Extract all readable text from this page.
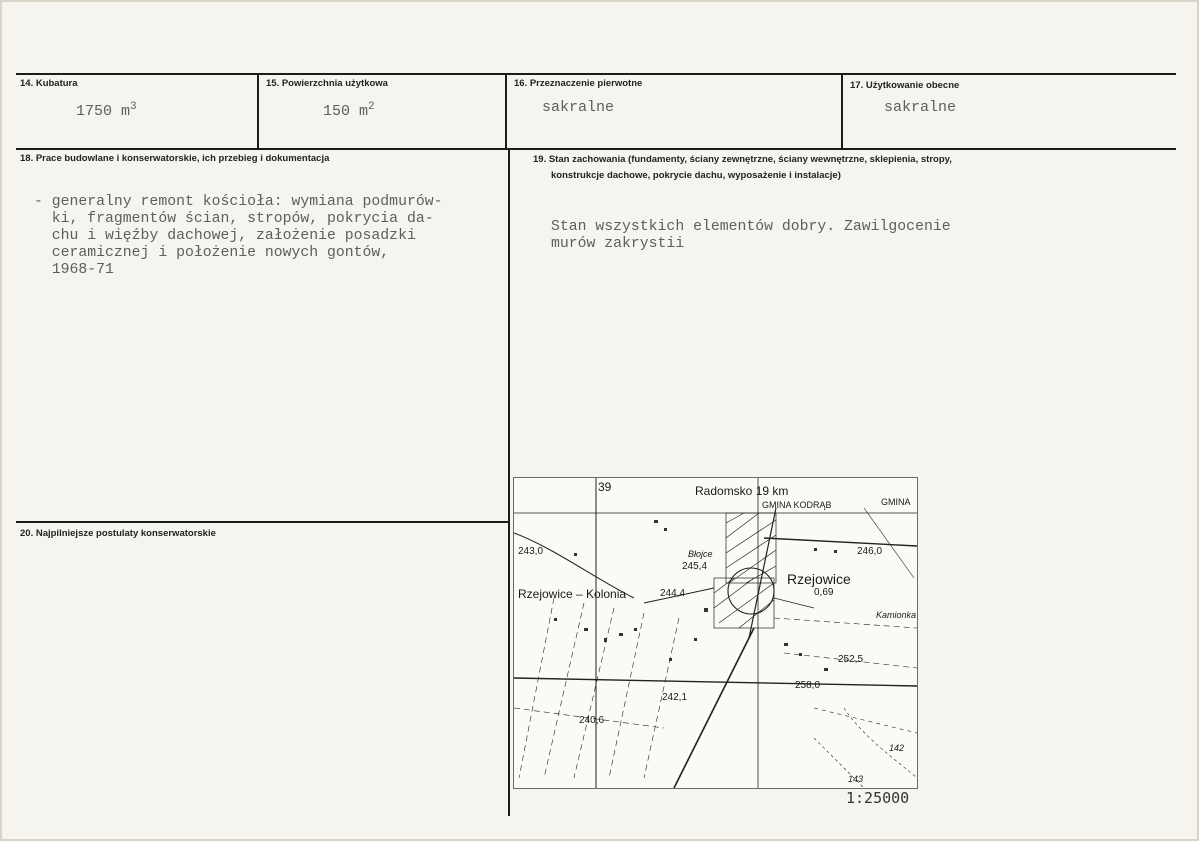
14. Kubatura
1750 $m^3$
15. Powierzchnia użytkowa
150 $m^2$
16. Przeznaczenie pierwotne
sakralne
17. Użytkowanie obecne
sakralne
18. Prace budowlane i konserwatorskie, ich przebieg i dokumentacja

- generalny remont kościoła: wymiana podmurów-
ki, fragmentów ścian, stropów, pokrycia da-
chu i więźby dachowej, założenie posadzki
ceramicznej i położenie nowych gontów,
1968-71

19. Stan zachowania (fundamenty, ściany zewnętrzne, ściany wewnętrzne, sklepienia, stropy,
konstrukcje dachowe, pokrycie dachu, wyposażenie i instalacje)

Stan wszystkich elementów dobry. Zawilgocenie
murów zakrystii

20. Najpilniejsze postulaty konserwatorskie
39	Radomsko 19 km
GMINA KODRĄB	GMINA
Rzejowice
Rzejowice – Kolonia
Błojce
Kamionka
243,0
245,4
244,4
246,0
0,69
252,5
258,0
242,1
240,6
142
143
1:25000
